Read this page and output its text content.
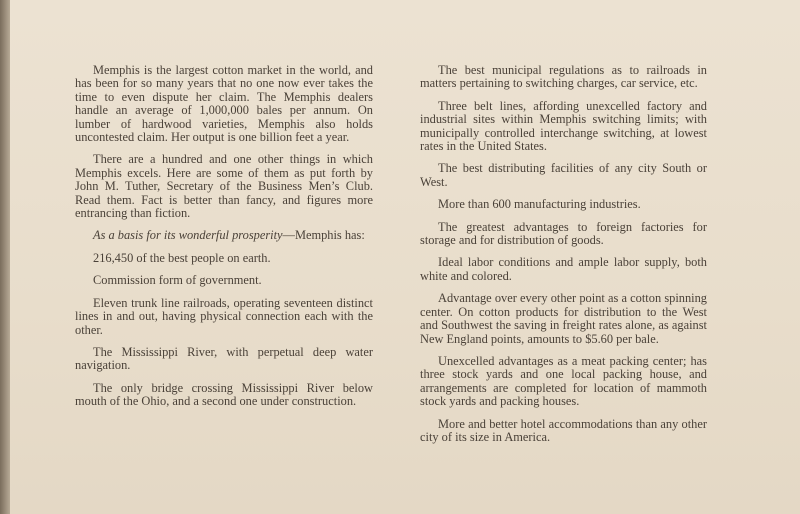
Memphis is the largest cotton market in the world, and has been for so many years that no one now ever takes the time to even dispute her claim. The Memphis dealers handle an average of 1,000,000 bales per annum. On lumber of hardwood varieties, Memphis also holds uncontested claim. Her output is one billion feet a year.

There are a hundred and one other things in which Memphis excels. Here are some of them as put forth by John M. Tuther, Secretary of the Business Men’s Club. Read them. Fact is better than fancy, and figures more entrancing than fiction.

As a basis for its wonderful prosperity—Memphis has:

216,450 of the best people on earth.

Commission form of government.

Eleven trunk line railroads, operating seventeen distinct lines in and out, having physical connection each with the other.

The Mississippi River, with perpetual deep water navigation.

The only bridge crossing Mississippi River below mouth of the Ohio, and a second one under construction.

The best municipal regulations as to railroads in matters pertaining to switching charges, car service, etc.

Three belt lines, affording unexcelled factory and industrial sites within Memphis switching limits; with municipally controlled interchange switching, at lowest rates in the United States.

The best distributing facilities of any city South or West.

More than 600 manufacturing industries.

The greatest advantages to foreign factories for storage and for distribution of goods.

Ideal labor conditions and ample labor supply, both white and colored.

Advantage over every other point as a cotton spinning center. On cotton products for distribution to the West and Southwest the saving in freight rates alone, as against New England points, amounts to $5.60 per bale.

Unexcelled advantages as a meat packing center; has three stock yards and one local packing house, and arrangements are completed for location of mammoth stock yards and packing houses.

More and better hotel accommodations than any other city of its size in America.
